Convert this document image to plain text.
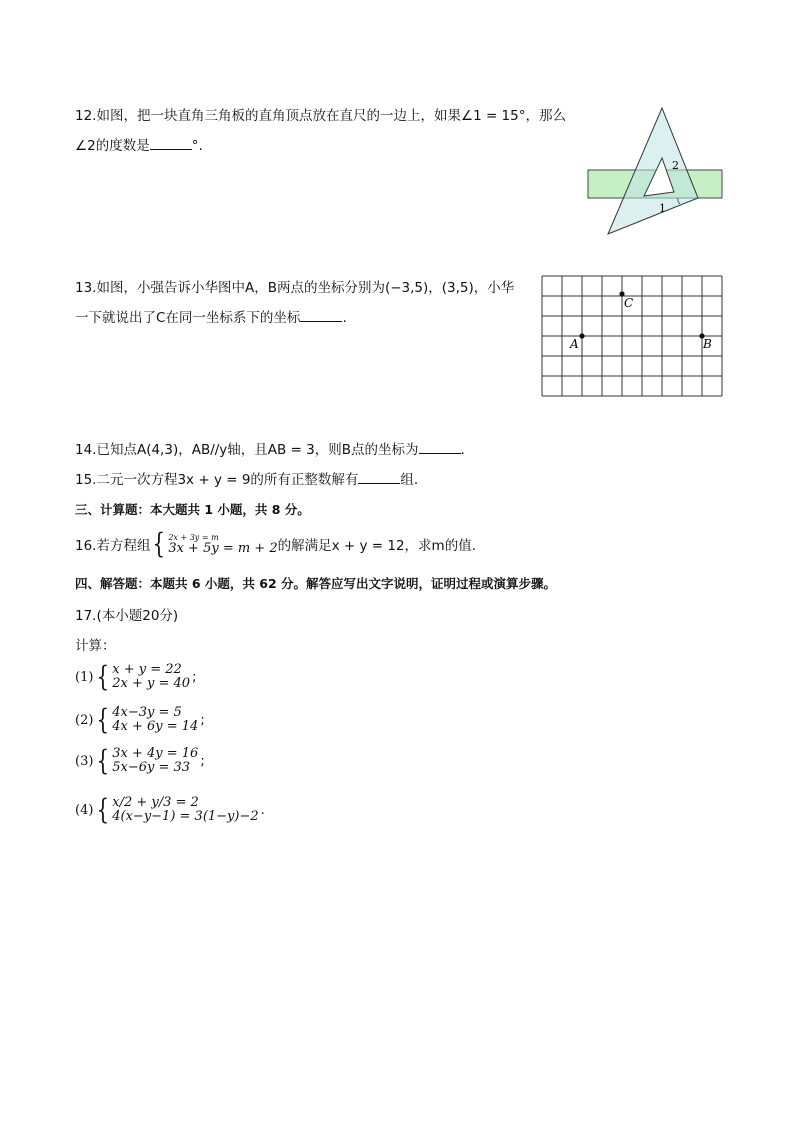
12.如图，把一块直角三角板的直角顶点放在直尺的一边上，如果∠1 = 15°，那么
∠2的度数是	°.
2
1
13.如图，小强告诉小华图中A，B两点的坐标分别为(−3,5)，(3,5)，小华
一下就说出了C在同一坐标系下的坐标	.
C
A	B
14.已知点A(4,3)，AB//y轴，且AB = 3，则B点的坐标为	.
15.二元一次方程3x + y = 9的所有正整数解有	组.
三、计算题：本大题共 1 小题，共 8 分。
16.若方程组 { 2x + 3y = m
3x + 5y = m + 2 的解满足x + y = 12，求m的值.
四、解答题：本题共 6 小题，共 62 分。解答应写出文字说明，证明过程或演算步骤。
17.(本小题20分)
计算：
(1) { x + y = 22
2x + y = 40 ;
(2) { 4x−3y = 5
4x + 6y = 14 ;
(3) { 3x + 4y = 16
5x−6y = 33 ;
(4) { x/2 + y/3 = 2
4(x−y−1) = 3(1−y)−2 .
